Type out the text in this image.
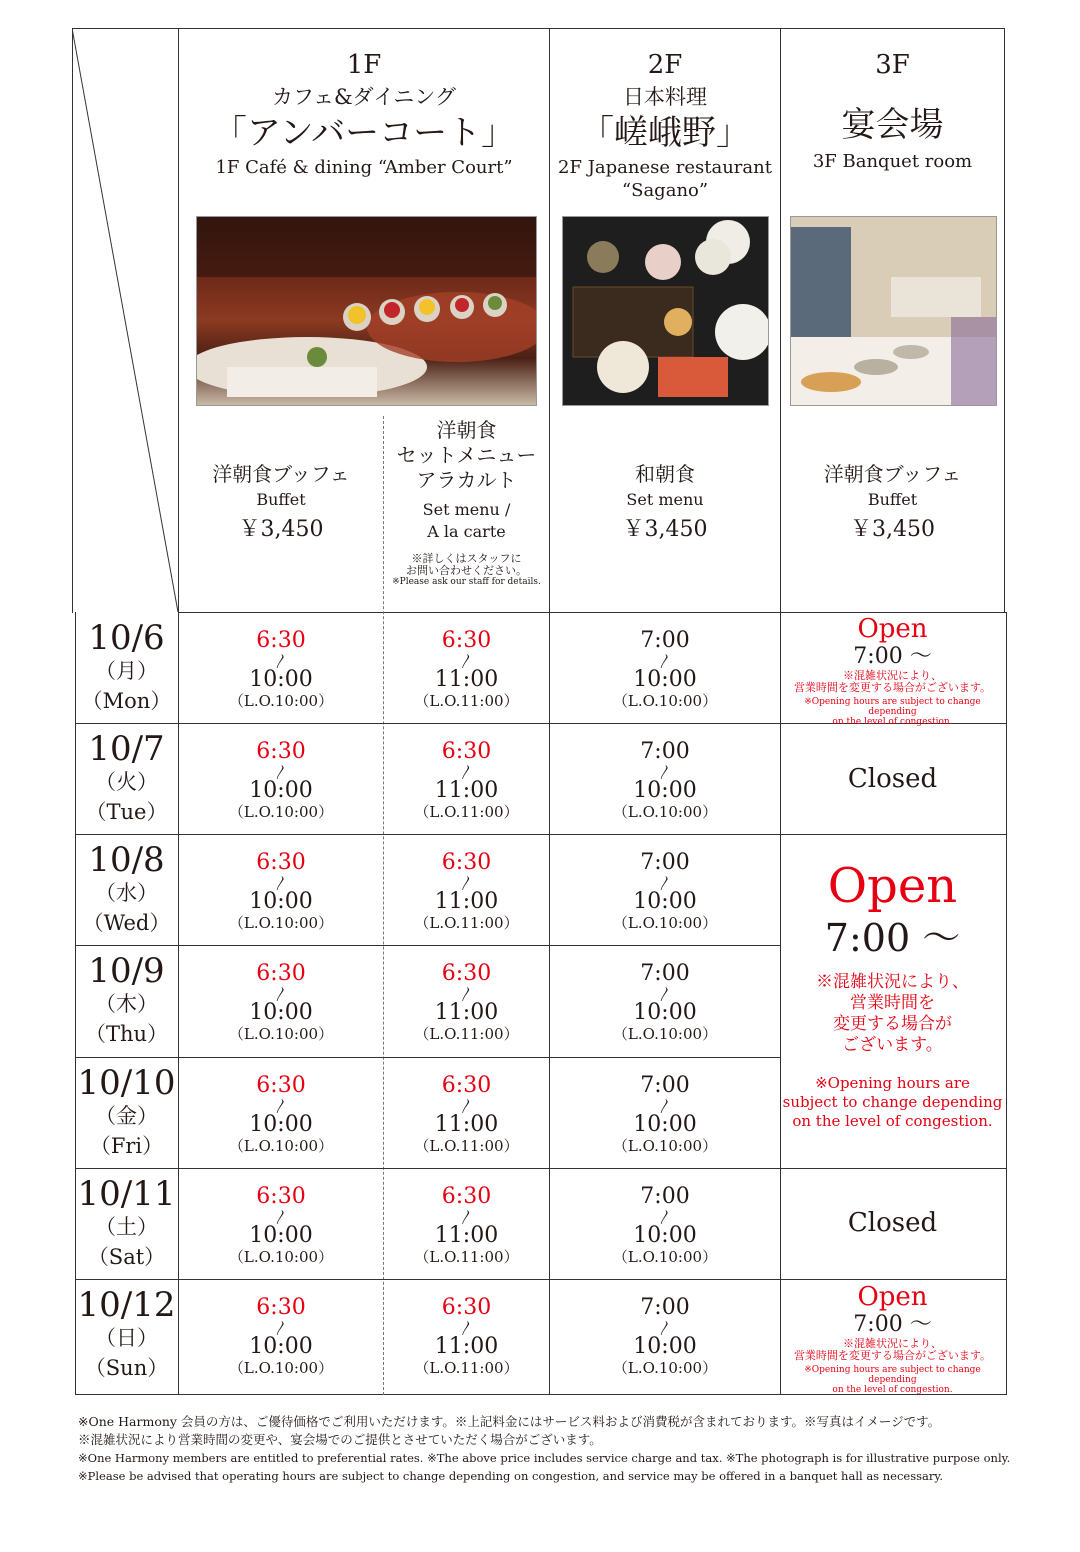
1F
カフェ&ダイニング
「アンバーコート」
1F Café & dining “Amber Court”
2F
日本料理
「嵯峨野」
2F Japanese restaurant
“Sagano”
3F
宴会場
3F Banquet room
洋朝食ブッフェ
Buffet
￥3,450
洋朝食
セットメニュー
アラカルト
Set menu /
A la carte
※詳しくはスタッフに
お問い合わせください。
※Please ask our staff for details.
和朝食
Set menu
￥3,450
洋朝食ブッフェ
Buffet
￥3,450
10/6
（月）
（Mon）
6:30
〳
10:00
（L.O.10:00）
6:30
〳
11:00
（L.O.11:00）
7:00
〳
10:00
（L.O.10:00）
10/7
（火）
（Tue）
6:30
〳
10:00
（L.O.10:00）
6:30
〳
11:00
（L.O.11:00）
7:00
〳
10:00
（L.O.10:00）
10/8
（水）
（Wed）
6:30
〳
10:00
（L.O.10:00）
6:30
〳
11:00
（L.O.11:00）
7:00
〳
10:00
（L.O.10:00）
10/9
（木）
（Thu）
6:30
〳
10:00
（L.O.10:00）
6:30
〳
11:00
（L.O.11:00）
7:00
〳
10:00
（L.O.10:00）
10/10
（金）
（Fri）
6:30
〳
10:00
（L.O.10:00）
6:30
〳
11:00
（L.O.11:00）
7:00
〳
10:00
（L.O.10:00）
10/11
（土）
（Sat）
6:30
〳
10:00
（L.O.10:00）
6:30
〳
11:00
（L.O.11:00）
7:00
〳
10:00
（L.O.10:00）
10/12
（日）
（Sun）
6:30
〳
10:00
（L.O.10:00）
6:30
〳
11:00
（L.O.11:00）
7:00
〳
10:00
（L.O.10:00）
Open
7:00 〜
※混雑状況により、
営業時間を変更する場合がございます。
※Opening hours are subject to change depending
on the level of congestion.
Closed
Open
7:00 〜
※混雑状況により、
営業時間を
変更する場合が
ございます。
※Opening hours are
subject to change depending
on the level of congestion.
Closed
Open
7:00 〜
※混雑状況により、
営業時間を変更する場合がございます。
※Opening hours are subject to change depending
on the level of congestion.
※One Harmony 会員の方は、ご優待価格でご利用いただけます。※上記料金にはサービス料および消費税が含まれております。※写真はイメージです。
※混雑状況により営業時間の変更や、宴会場でのご提供とさせていただく場合がございます。
※One Harmony members are entitled to preferential rates. ※The above price includes service charge and tax. ※The photograph is for illustrative purpose only.
※Please be advised that operating hours are subject to change depending on congestion, and service may be offered in a banquet hall as necessary.
